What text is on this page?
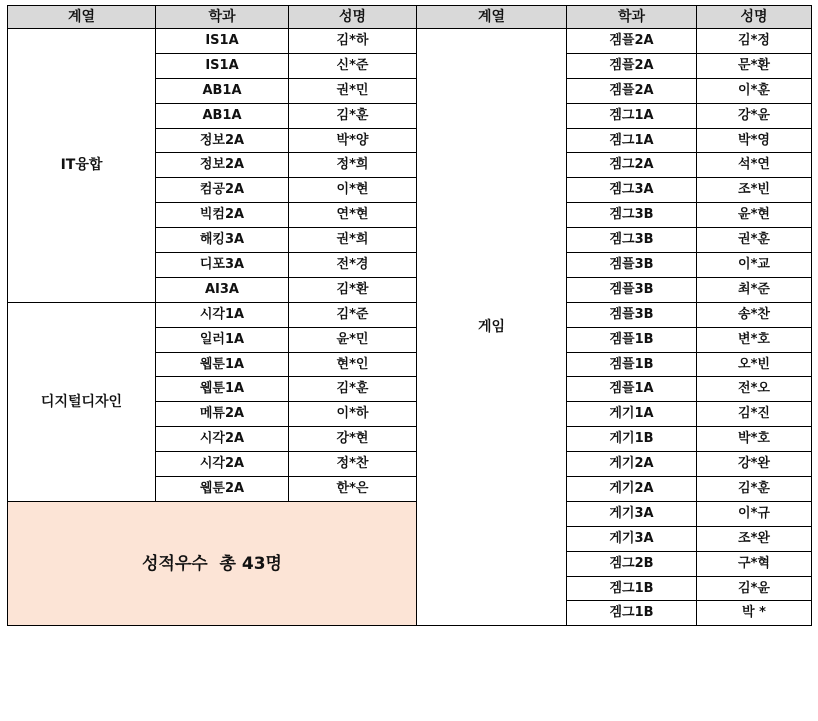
계열	학과	성명	계열	학과	성명
IT융합	IS1A	김*하	게임	겜플2A	김*정
	IS1A	신*준		겜플2A	문*환
	AB1A	권*민		겜플2A	이*훈
	AB1A	김*훈		겜그1A	강*윤
	정보2A	박*양		겜그1A	박*영
	정보2A	정*희		겜그2A	석*연
	컴공2A	이*현		겜그3A	조*빈
	빅컴2A	연*현		겜그3B	윤*현
	해킹3A	권*희		겜그3B	권*훈
	디포3A	전*경		겜플3B	이*교
	AI3A	김*환		겜플3B	최*준
디지털디자인	시각1A	김*준		겜플3B	송*찬
	일러1A	윤*민		겜플1B	변*호
	웹툰1A	현*인		겜플1B	오*빈
	웹툰1A	김*훈		겜플1A	전*오
	메튜2A	이*하		게기1A	김*진
	시각2A	강*현		게기1B	박*호
	시각2A	정*찬		게기2A	강*완
	웹툰2A	한*은		게기2A	김*훈
성적우수  총 43명				게기3A	이*규
				게기3A	조*완
				겜그2B	구*혁
				겜그1B	김*윤
				겜그1B	박 *
